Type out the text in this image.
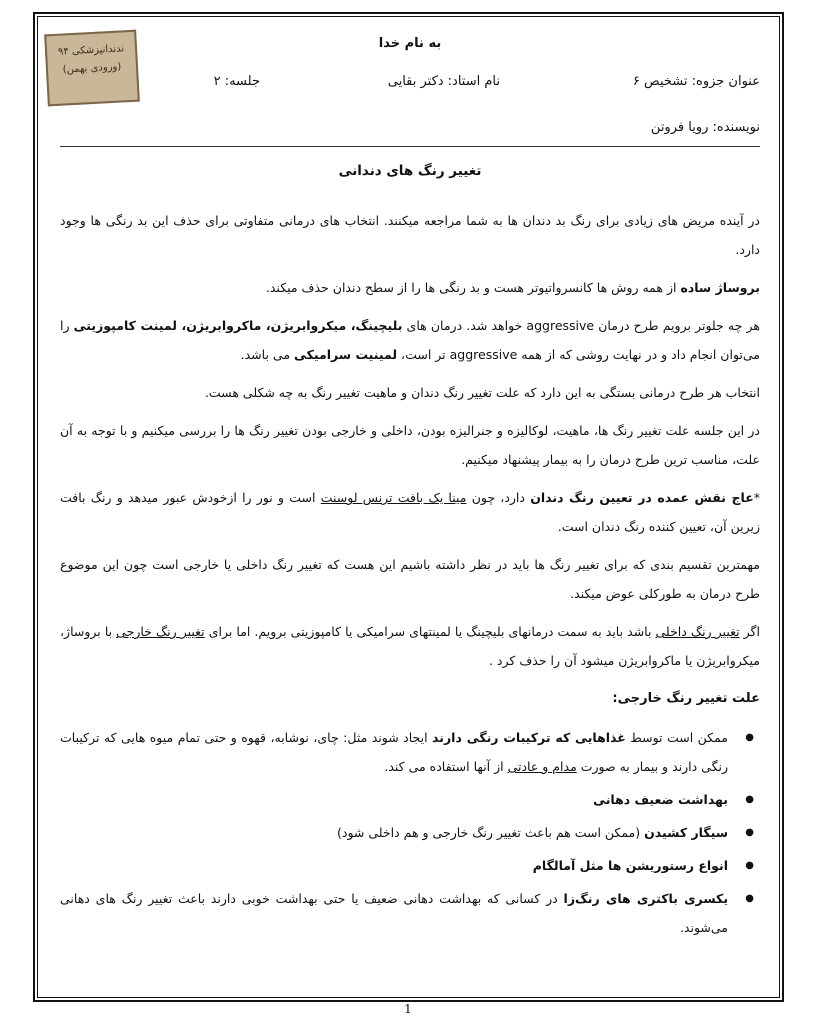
ندندانپزشکی ۹۴
(ورودی بهمن)
به نام خدا
عنوان جزوه: تشخیص ۶
نام استاد: دکتر بقایی
جلسه: ۲
نویسنده: رویا فروتن
تغییر رنگ های دندانی

در آینده مریض های زیادی برای رنگ بد دندان ها به شما مراجعه میکنند. انتخاب های درمانی متفاوتی برای حذف این بد رنگی ها وجود دارد.

بروساژ ساده از همه روش ها کانسرواتیوتر هست و بد رنگی ها را از سطح دندان حذف میکند.

هر چه جلوتر برویم طرح درمان aggressive خواهد شد. درمان های بلیچینگ، میکروابریژن، ماکروابریژن، لمینت کامپوزیتی را می‌توان انجام داد و در نهایت روشی که از همه aggressive تر است، لمینیت سرامیکی می باشد.

انتخاب هر طرح درمانی بستگی به این دارد که علت تغییر رنگ دندان و ماهیت تغییر رنگ به چه شکلی هست.

در این جلسه علت تغییر رنگ ها، ماهیت، لوکالیزه و جنرالیزه بودن، داخلی و خارجی بودن تغییر رنگ ها را بررسی میکنیم و با توجه به آن علت، مناسب ترین طرح درمان را به بیمار پیشنهاد میکنیم.

*عاج نقش عمده در تعیین رنگ دندان دارد، چون مینا یک بافت ترنس لوسنت است و نور را ازخودش عبور میدهد و رنگ بافت زیرین آن، تعیین کننده رنگ دندان است.

مهمترین تقسیم بندی که برای تغییر رنگ ها باید در نظر داشته باشیم این هست که تغییر رنگ داخلی یا خارجی است چون این موضوع طرح درمان به طورکلی عوض میکند.

اگر تغییر رنگ داخلی باشد باید به سمت درمانهای بلیچینگ یا لمینتهای سرامیکی یا کامپوزیتی برویم. اما برای تغییر رنگ خارجی با بروساژ، میکروابریژن یا ماکروابریژن میشود آن را حذف کرد .

علت تغییر رنگ خارجی:
● ممکن است توسط غذاهایی که ترکیبات رنگی دارند ایجاد شوند مثل: چای، نوشابه، قهوه و حتی تمام میوه هایی که ترکیبات رنگی دارند و بیمار به صورت مدام و عادتی از آنها استفاده می کند.
● بهداشت ضعیف دهانی
● سیگار کشیدن (ممکن است هم باعث تغییر رنگ خارجی و هم داخلی شود)
● انواع رستوریشن ها مثل آمالگام
● یکسری باکتری های رنگ‌زا در کسانی که بهداشت دهانی ضعیف یا حتی بهداشت خوبی دارند باعث تغییر رنگ های دهانی می‌شوند.
1
